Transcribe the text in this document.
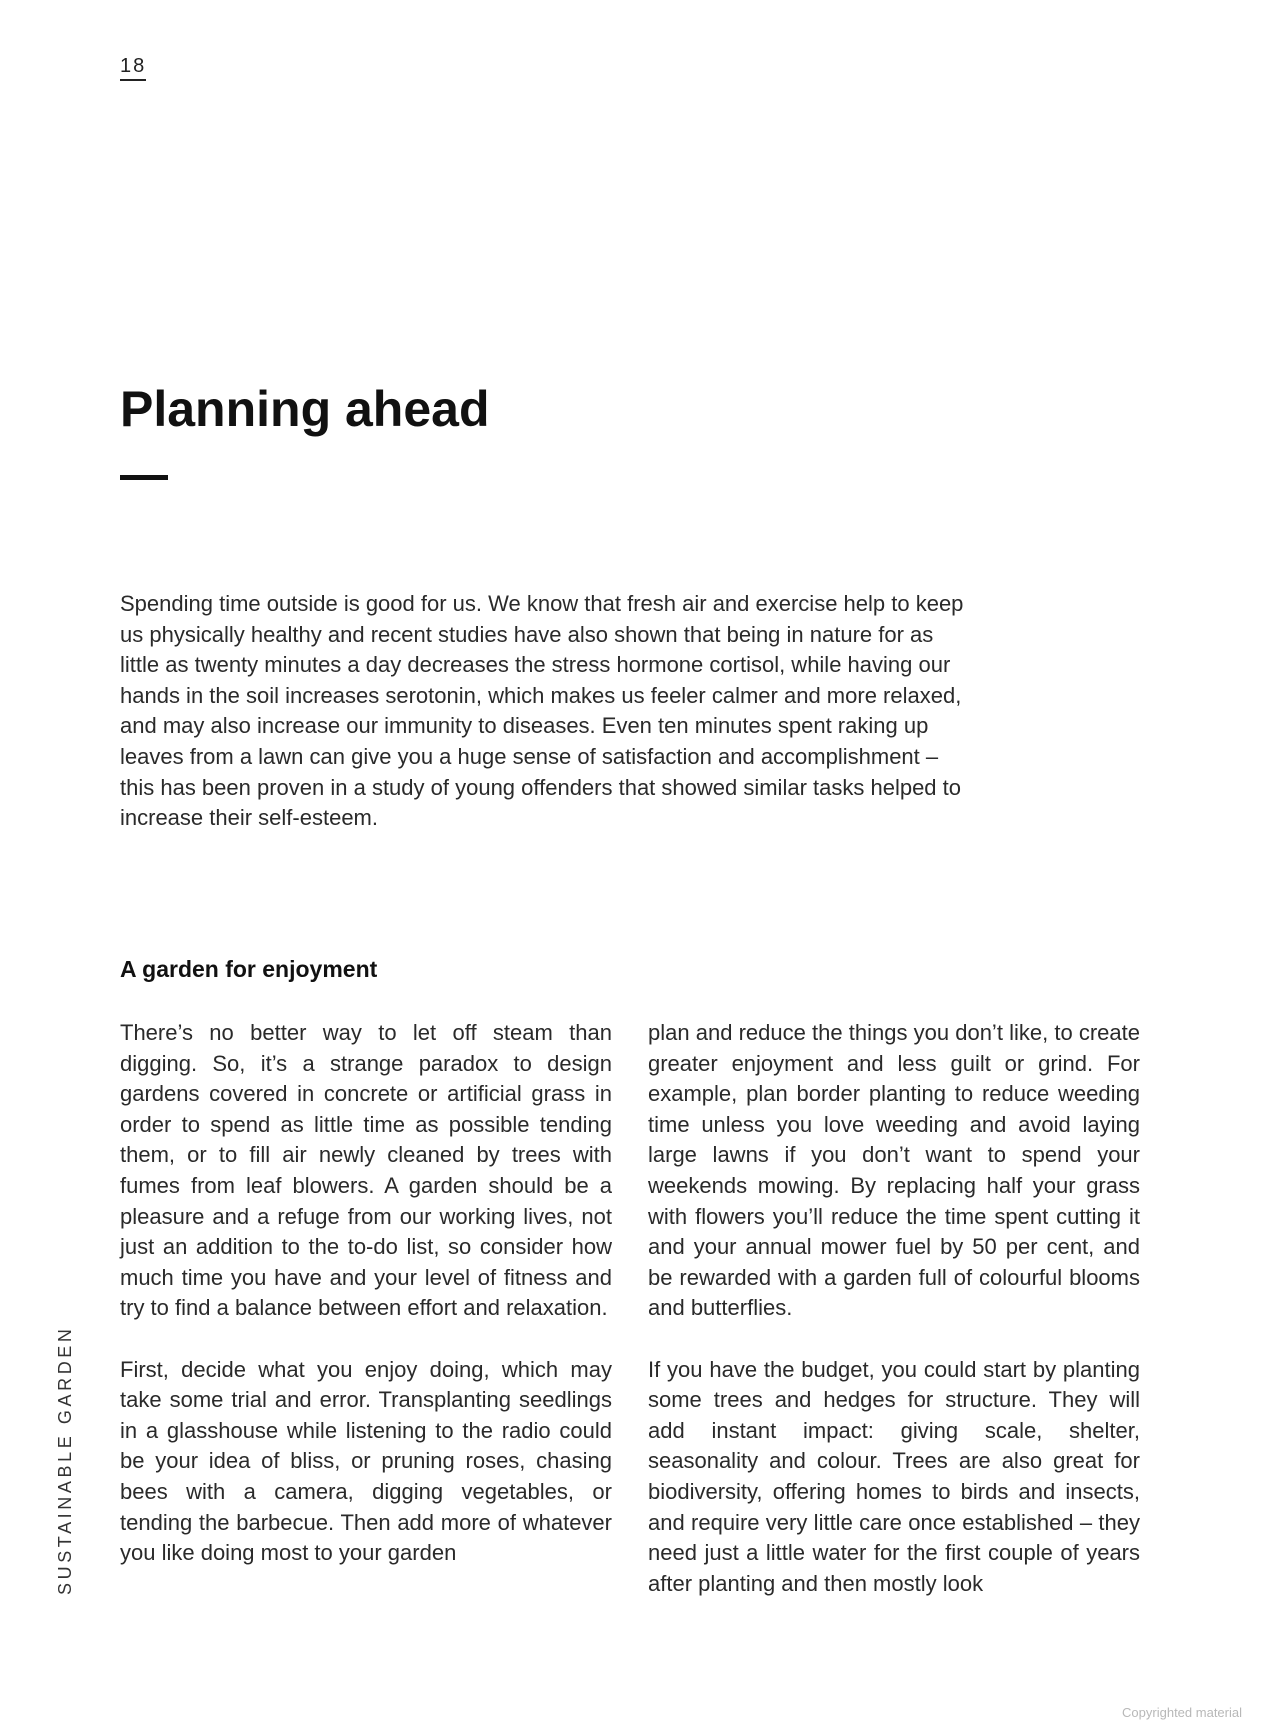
18
Planning ahead

Spending time outside is good for us. We know that fresh air and exercise help to keep us physically healthy and recent studies have also shown that being in nature for as little as twenty minutes a day decreases the stress hormone cortisol, while having our hands in the soil increases serotonin, which makes us feeler calmer and more relaxed, and may also increase our immunity to diseases. Even ten minutes spent raking up leaves from a lawn can give you a huge sense of satisfaction and accomplishment – this has been proven in a study of young offenders that showed similar tasks helped to increase their self-esteem.

A garden for enjoyment

There’s no better way to let off steam than digging. So, it’s a strange paradox to design gardens covered in concrete or artificial grass in order to spend as little time as possible tending them, or to fill air newly cleaned by trees with fumes from leaf blowers. A garden should be a pleasure and a refuge from our working lives, not just an addition to the to-do list, so consider how much time you have and your level of fitness and try to find a balance between effort and relaxation.

First, decide what you enjoy doing, which may take some trial and error. Transplanting seedlings in a glasshouse while listening to the radio could be your idea of bliss, or pruning roses, chasing bees with a camera, digging vegetables, or tending the barbecue. Then add more of whatever you like doing most to your garden

plan and reduce the things you don’t like, to create greater enjoyment and less guilt or grind. For example, plan border planting to reduce weeding time unless you love weeding and avoid laying large lawns if you don’t want to spend your weekends mowing. By replacing half your grass with flowers you’ll reduce the time spent cutting it and your annual mower fuel by 50 per cent, and be rewarded with a garden full of colourful blooms and butterflies.

If you have the budget, you could start by planting some trees and hedges for structure. They will add instant impact: giving scale, shelter, seasonality and colour. Trees are also great for biodiversity, offering homes to birds and insects, and require very little care once established – they need just a little water for the first couple of years after planting and then mostly look

SUSTAINABLE GARDEN
Copyrighted material
